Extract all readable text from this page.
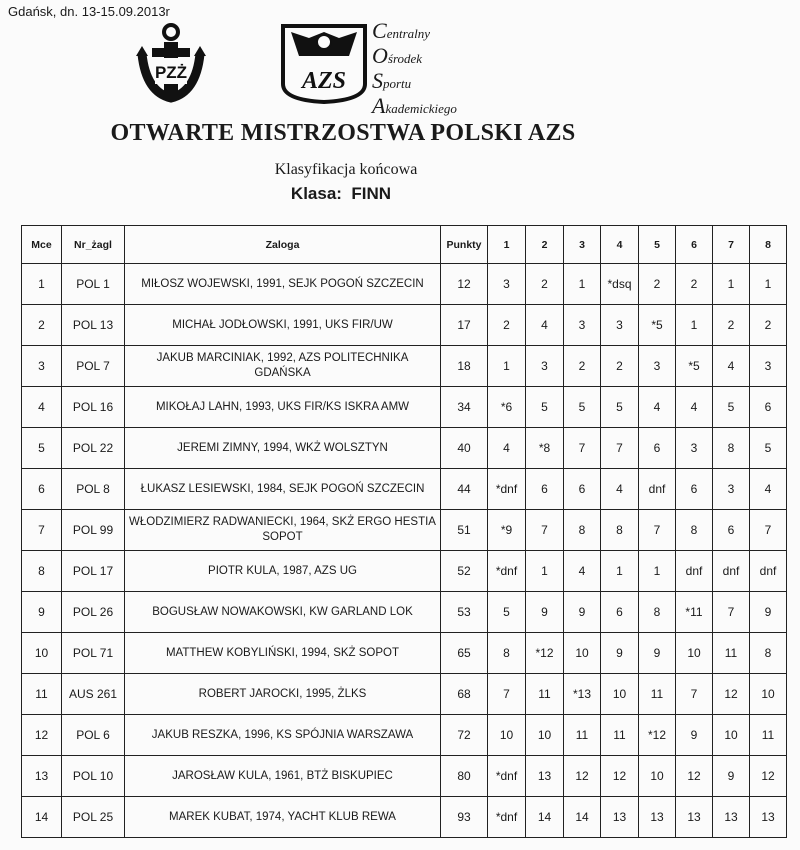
Gdańsk, dn. 13-15.09.2013r
PZŻ	AZS
Centralny
Ośrodek
Sportu
Akademickiego
OTWARTE MISTRZOSTWA POLSKI AZS
Klasyfikacja końcowa
Klasa: FINN
Mce	Nr_żagl	Zaloga	Punkty	1	2	3	4	5	6	7	8
1	POL 1	MIŁOSZ WOJEWSKI, 1991, SEJK POGOŃ SZCZECIN	12	3	2	1	*dsq	2	2	1	1
2	POL 13	MICHAŁ JODŁOWSKI, 1991, UKS FIR/UW	17	2	4	3	3	*5	1	2	2
3	POL 7	JAKUB MARCINIAK, 1992, AZS POLITECHNIKA GDAŃSKA	18	1	3	2	2	3	*5	4	3
4	POL 16	MIKOŁAJ LAHN, 1993, UKS FIR/KS ISKRA AMW	34	*6	5	5	5	4	4	5	6
5	POL 22	JEREMI ZIMNY, 1994, WKŻ WOLSZTYN	40	4	*8	7	7	6	3	8	5
6	POL 8	ŁUKASZ LESIEWSKI, 1984, SEJK POGOŃ SZCZECIN	44	*dnf	6	6	4	dnf	6	3	4
7	POL 99	WŁODZIMIERZ RADWANIECKI, 1964, SKŻ ERGO HESTIA SOPOT	51	*9	7	8	8	7	8	6	7
8	POL 17	PIOTR KULA, 1987, AZS UG	52	*dnf	1	4	1	1	dnf	dnf	dnf
9	POL 26	BOGUSŁAW NOWAKOWSKI, KW GARLAND LOK	53	5	9	9	6	8	*11	7	9
10	POL 71	MATTHEW KOBYLIŃSKI, 1994, SKŻ SOPOT	65	8	*12	10	9	9	10	11	8
11	AUS 261	ROBERT JAROCKI, 1995, ŻLKS	68	7	11	*13	10	11	7	12	10
12	POL 6	JAKUB RESZKA, 1996, KS SPÓJNIA WARSZAWA	72	10	10	11	11	*12	9	10	11
13	POL 10	JAROSŁAW KULA, 1961, BTŻ BISKUPIEC	80	*dnf	13	12	12	10	12	9	12
14	POL 25	MAREK KUBAT, 1974, YACHT KLUB REWA	93	*dnf	14	14	13	13	13	13	13
